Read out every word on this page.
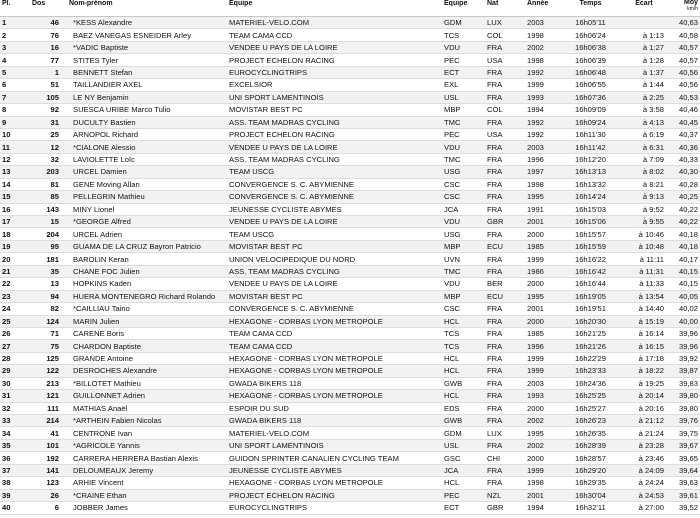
Pl.	Dos	Nom-prénom	Equipe	Equipe	Nat	Année	Temps	Ecart	Moy
km/h
1	46	*KESS Alexandre	MATERIEL-VELO.COM	GDM	LUX	2003	16h05'11		40,63
2	76	BAEZ VANEGAS ESNEIDER Arley	TEAM CAMA CCD	TCS	COL	1998	16h06'24	à 1:13	40,58
3	16	*VADIC Baptiste	VENDEE U PAYS DE LA LOIRE	VDU	FRA	2002	16h06'38	à 1:27	40,57
4	77	STITES Tyler	PROJECT ECHELON RACING	PEC	USA	1998	16h06'39	à 1:28	40,57
5	1	BENNETT Stefan	EUROCYCLINGTRIPS	ECT	FRA	1992	16h06'48	à 1:37	40,56
6	51	TAILLANDIER AXEL	EXCELSIOR	EXL	FRA	1999	16h06'55	à 1:44	40,56
7	105	LE NY Benjamin	UNI SPORT LAMENTINOIS	USL	FRA	1993	16h07'36	à 2:25	40,53
8	92	SUESCA URIBE Marco Tulio	MOVISTAR BEST PC	MBP	COL	1994	16h09'09	à 3:58	40,46
9	31	DUCULTY Bastien	ASS. TEAM MADRAS CYCLING	TMC	FRA	1992	16h09'24	à 4:13	40,45
10	25	ARNOPOL Richard	PROJECT ECHELON RACING	PEC	USA	1992	16h11'30	à 6:19	40,37
11	12	*CIALONE Alessio	VENDEE U PAYS DE LA LOIRE	VDU	FRA	2003	16h11'42	à 6:31	40,36
12	32	LAVIOLETTE Loïc	ASS. TEAM MADRAS CYCLING	TMC	FRA	1996	16h12'20	à 7:09	40,33
13	203	URCEL Damien	TEAM USCG	USG	FRA	1997	16h13'13	à 8:02	40,30
14	81	GENE Moving Allan	CONVERGENCE S. C. ABYMIENNE	CSC	FRA	1998	16h13'32	à 8:21	40,28
15	85	PELLEGRIN Mathieu	CONVERGENCE S. C. ABYMIENNE	CSC	FRA	1995	16h14'24	à 9:13	40,25
16	143	MINY Lionel	JEUNESSE CYCLISTE ABYMES	JCA	FRA	1991	16h15'03	à 9:52	40,22
17	15	*GEORGE Alfred	VENDEE U PAYS DE LA LOIRE	VDU	GBR	2001	16h15'06	à 9:55	40,22
18	204	URCEL Adrien	TEAM USCG	USG	FRA	2000	16h15'57	à 10:46	40,18
19	95	GUAMA DE LA CRUZ Bayron Patricio	MOVISTAR BEST PC	MBP	ECU	1985	16h15'59	à 10:48	40,18
20	181	BAROLIN Keran	UNION VELOCIPEDIQUE DU NORD	UVN	FRA	1999	16h16'22	à 11:11	40,17
21	35	CHANE FOC Julien	ASS. TEAM MADRAS CYCLING	TMC	FRA	1986	16h16'42	à 11:31	40,15
22	13	HOPKINS Kaden	VENDEE U PAYS DE LA LOIRE	VDU	BER	2000	16h16'44	à 11:33	40,15
23	94	HUERA MONTENEGRO Richard Rolando	MOVISTAR BEST PC	MBP	ECU	1995	16h19'05	à 13:54	40,05
24	82	*CAILLIAU Taino	CONVERGENCE S. C. ABYMIENNE	CSC	FRA	2001	16h19'51	à 14:40	40,02
25	124	MARIN Julien	HEXAGONE - CORBAS LYON METROPOLE	HCL	FRA	2000	16h20'30	à 15:19	40,00
26	71	CARENE Boris	TEAM CAMA CCD	TCS	FRA	1985	16h21'25	à 16:14	39,96
27	75	CHARDON Baptiste	TEAM CAMA CCD	TCS	FRA	1996	16h21'26	à 16:15	39,96
28	125	GRANDE Antoine	HEXAGONE - CORBAS LYON METROPOLE	HCL	FRA	1999	16h22'29	à 17:18	39,92
29	122	DESROCHES Alexandre	HEXAGONE - CORBAS LYON METROPOLE	HCL	FRA	1999	16h23'33	à 18:22	39,87
30	213	*BILLOTET Mathieu	GWADA BIKERS 118	GWB	FRA	2003	16h24'36	à 19:25	39,83
31	121	GUILLONNET Adrien	HEXAGONE - CORBAS LYON METROPOLE	HCL	FRA	1993	16h25'25	à 20:14	39,80
32	111	MATHIAS Anaël	ESPOIR DU SUD	EDS	FRA	2000	16h25'27	à 20:16	39,80
33	214	*ARTHEIN Fabien Nicolas	GWADA BIKERS 118	GWB	FRA	2002	16h26'23	à 21:12	39,76
34	41	CENTRONE Ivan	MATERIEL-VELO.COM	GDM	LUX	1995	16h26'35	à 21:24	39,75
35	101	*AGRICOLE Yannis	UNI SPORT LAMENTINOIS	USL	FRA	2002	16h28'39	à 23:28	39,67
36	192	CARRERA HERRERA Bastian Alexis	GUIDON SPRINTER CANALIEN CYCLING TEAM	GSC	CHI	2000	16h28'57	à 23:46	39,65
37	141	DELOUMEAUX Jeremy	JEUNESSE CYCLISTE ABYMES	JCA	FRA	1999	16h29'20	à 24:09	39,64
38	123	ARHIE Vincent	HEXAGONE - CORBAS LYON METROPOLE	HCL	FRA	1998	16h29'35	à 24:24	39,63
39	26	*CRAINE Ethan	PROJECT ECHELON RACING	PEC	NZL	2001	16h30'04	à 24:53	39,61
40	6	JOBBER James	EUROCYCLINGTRIPS	ECT	GBR	1994	16h32'11	à 27:00	39,52
